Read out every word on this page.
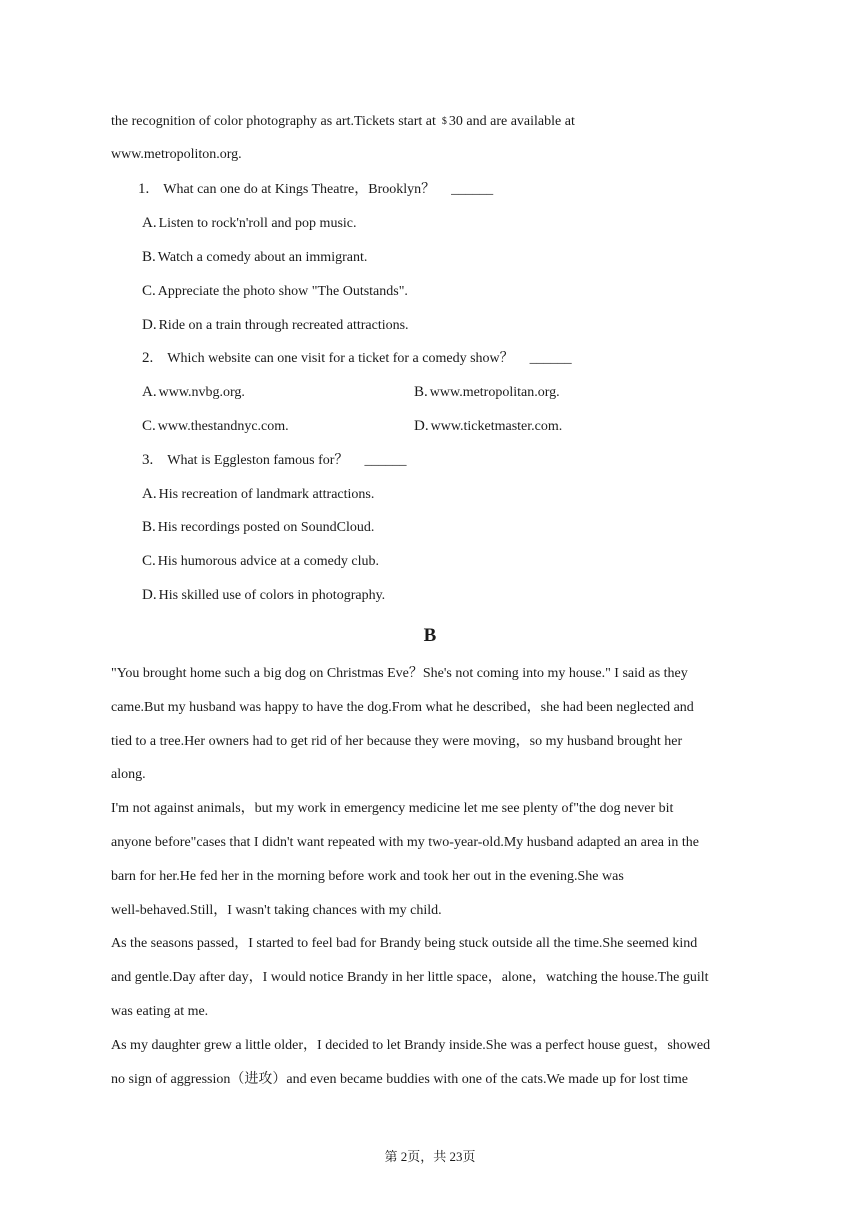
the recognition of color photography as art.Tickets start at $ 30 and are available at
www.metropoliton.org.
1. What can one do at Kings Theatre，Brooklyn？ ______
A. Listen to rock'n'roll and pop music.
B. Watch a comedy about an immigrant.
C. Appreciate the photo show "The Outstands".
D. Ride on a train through recreated attractions.
2. Which website can one visit for a ticket for a comedy show？ ______
A. www.nvbg.org.	B. www.metropolitan.org.
C. www.thestandnyc.com.	D. www.ticketmaster.com.
3. What is Eggleston famous for？ ______
A. His recreation of landmark attractions.
B. His recordings posted on SoundCloud.
C. His humorous advice at a comedy club.
D. His skilled use of colors in photography.
B
"You brought home such a big dog on Christmas Eve？She's not coming into my house." I said as they
came.But my husband was happy to have the dog.From what he described，she had been neglected and
tied to a tree.Her owners had to get rid of her because they were moving，so my husband brought her
along.
I'm not against animals，but my work in emergency medicine let me see plenty of"the dog never bit
anyone before"cases that I didn't want repeated with my two-year-old.My husband adapted an area in the
barn for her.He fed her in the morning before work and took her out in the evening.She was
well-behaved.Still，I wasn't taking chances with my child.
As the seasons passed，I started to feel bad for Brandy being stuck outside all the time.She seemed kind
and gentle.Day after day，I would notice Brandy in her little space，alone，watching the house.The guilt
was eating at me.
As my daughter grew a little older，I decided to let Brandy inside.She was a perfect house guest，showed
no sign of aggression（进攻）and even became buddies with one of the cats.We made up for lost time
第 2页，共 23页
